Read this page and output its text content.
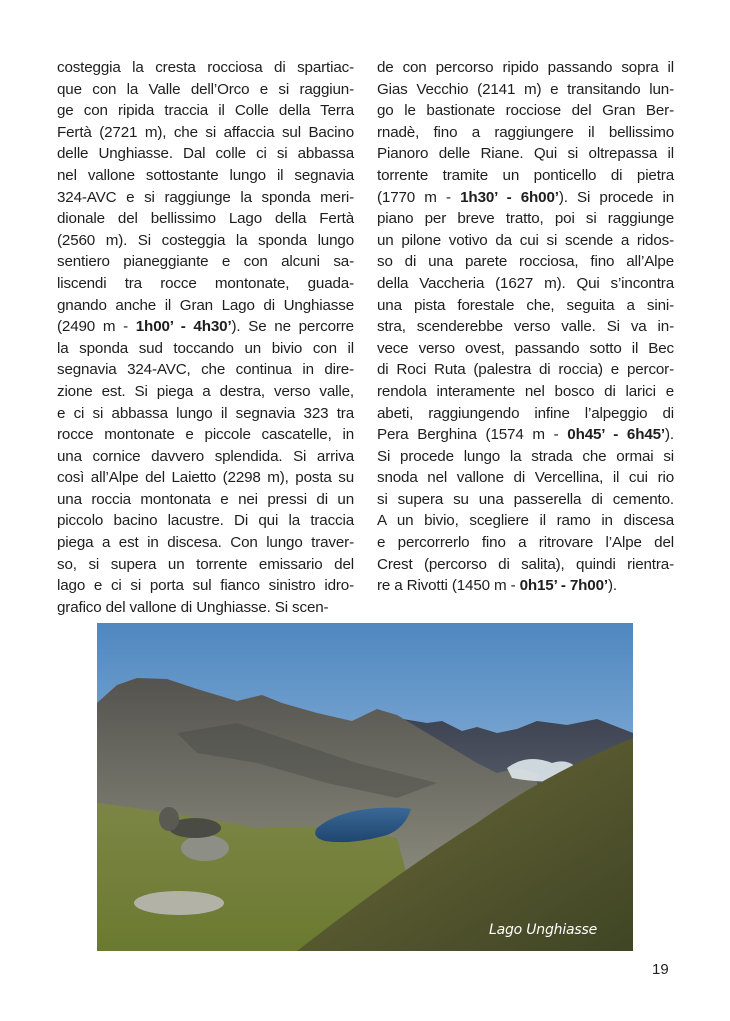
costeggia la cresta rocciosa di spartiac-
que con la Valle dell’Orco e si raggiun-
ge con ripida traccia il Colle della Terra
Fertà (2721 m), che si affaccia sul Bacino
delle Unghiasse. Dal colle ci si abbassa
nel vallone sottostante lungo il segnavia
324-AVC e si raggiunge la sponda meri-
dionale del bellissimo Lago della Fertà
(2560 m). Si costeggia la sponda lungo
sentiero pianeggiante e con alcuni sa-
liscendi tra rocce montonate, guada-
gnando anche il Gran Lago di Unghiasse
(2490 m - 1h00’ - 4h30’). Se ne percorre
la sponda sud toccando un bivio con il
segnavia 324-AVC, che continua in dire-
zione est. Si piega a destra, verso valle,
e ci si abbassa lungo il segnavia 323 tra
rocce montonate e piccole cascatelle, in
una cornice davvero splendida. Si arriva
così all’Alpe del Laietto (2298 m), posta su
una roccia montonata e nei pressi di un
piccolo bacino lacustre. Di qui la traccia
piega a est in discesa. Con lungo traver-
so, si supera un torrente emissario del
lago e ci si porta sul fianco sinistro idro-
grafico del vallone di Unghiasse. Si scen-
de con percorso ripido passando sopra il
Gias Vecchio (2141 m) e transitando lun-
go le bastionate rocciose del Gran Ber-
rnadè, fino a raggiungere il bellissimo
Pianoro delle Riane. Qui si oltrepassa il
torrente tramite un ponticello di pietra
(1770 m - 1h30’ - 6h00’). Si procede in
piano per breve tratto, poi si raggiunge
un pilone votivo da cui si scende a ridos-
so di una parete rocciosa, fino all’Alpe
della Vaccheria (1627 m). Qui s’incontra
una pista forestale che, seguita a sini-
stra, scenderebbe verso valle. Si va in-
vece verso ovest, passando sotto il Bec
di Roci Ruta (palestra di roccia) e percor-
rendola interamente nel bosco di larici e
abeti, raggiungendo infine l’alpeggio di
Pera Berghina (1574 m - 0h45’ - 6h45’).
Si procede lungo la strada che ormai si
snoda nel vallone di Vercellina, il cui rio
si supera su una passerella di cemento.
A un bivio, scegliere il ramo in discesa
e percorrerlo fino a ritrovare l’Alpe del
Crest (percorso di salita), quindi rientra-
re a Rivotti (1450 m - 0h15’ - 7h00’).
Lago Unghiasse
19
